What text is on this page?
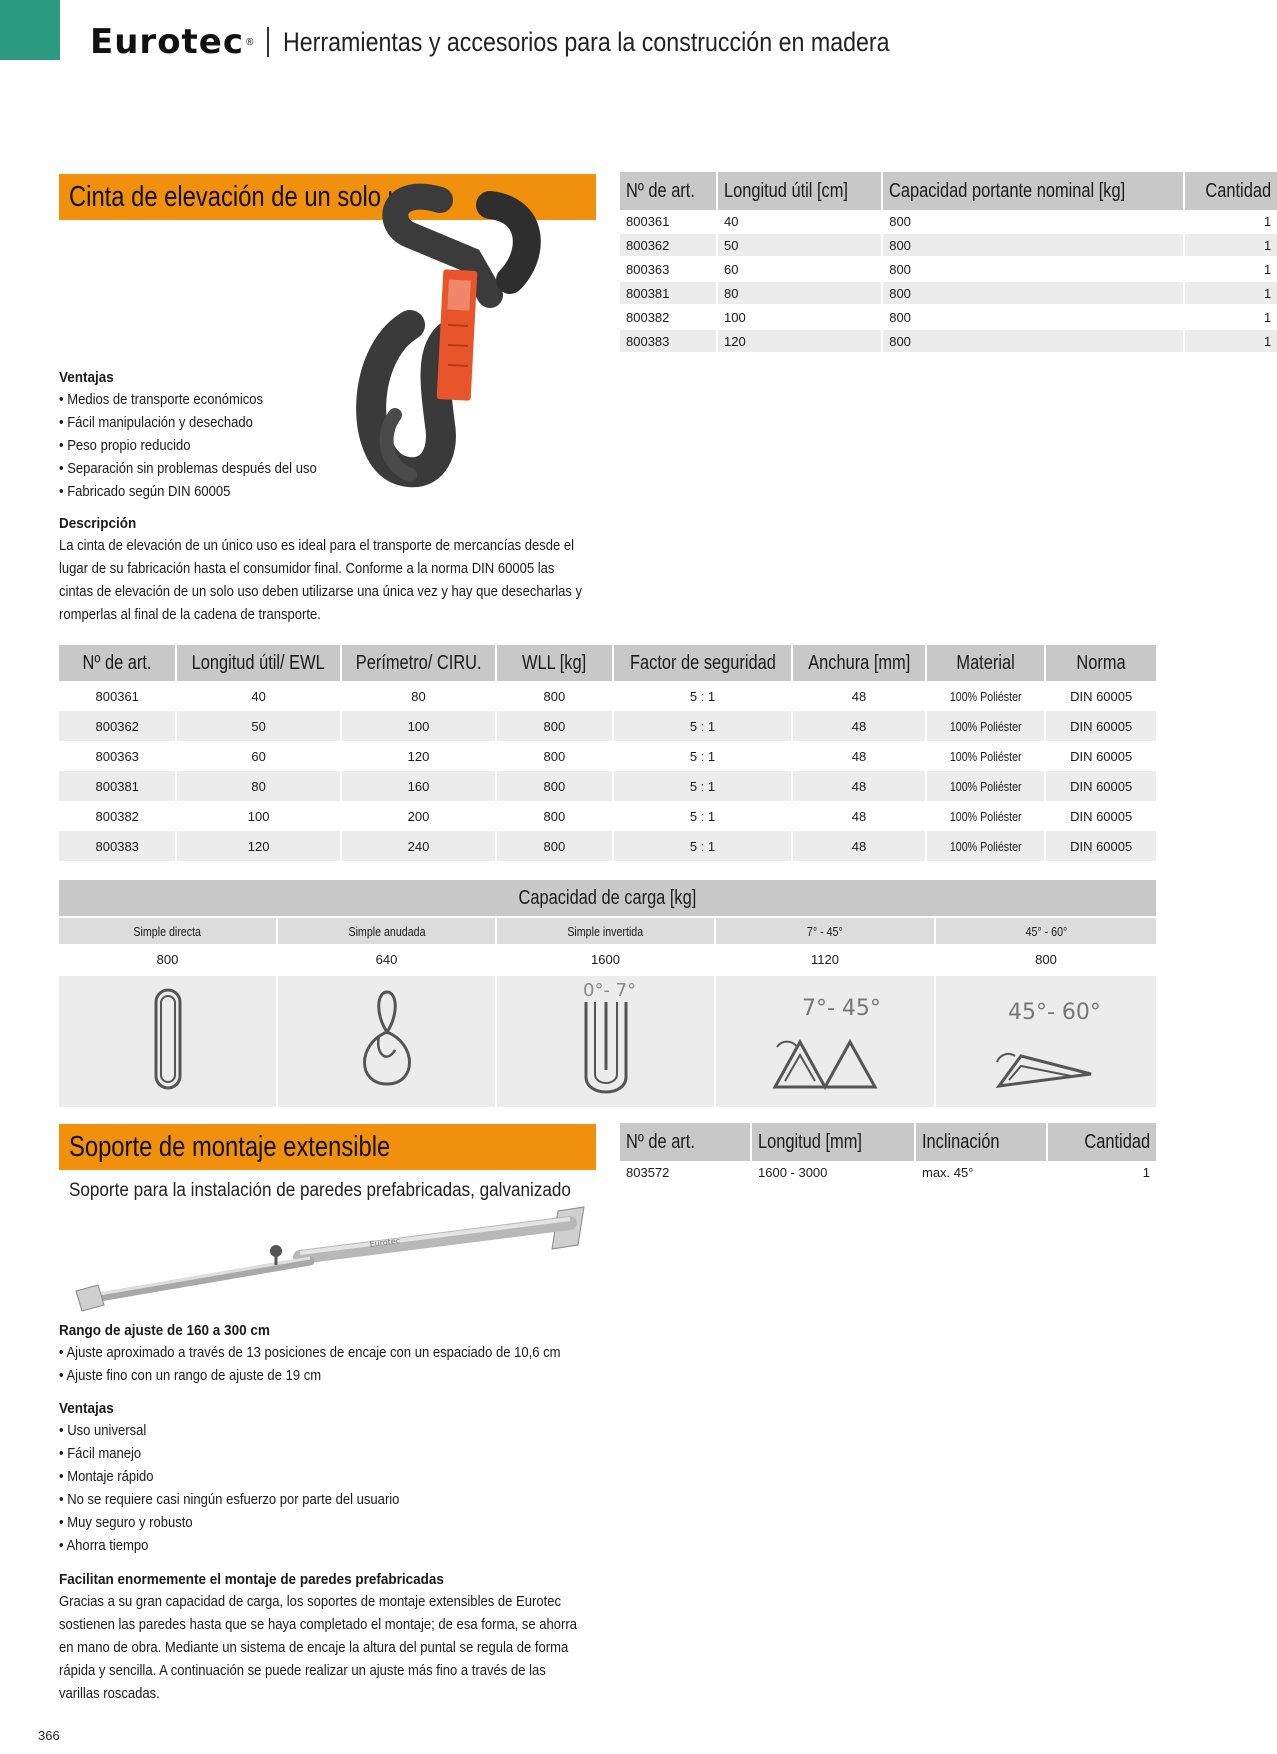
Eurotec ® Herramientas y accesorios para la construcción en madera
Cinta de elevación de un solo uso	Nº de art.	Longitud útil [cm]	Capacidad portante nominal [kg]	Cantidad
800361	40	800	1
800362	50	800	1
800363	60	800	1
800381	80	800	1
800382	100	800	1
800383	120	800	1

Ventajas

• Medios de transporte económicos

• Fácil manipulación y desechado

• Peso propio reducido

• Separación sin problemas después del uso

• Fabricado según DIN 60005

Descripción

La cinta de elevación de un único uso es ideal para el transporte de mercancías desde el

lugar de su fabricación hasta el consumidor final. Conforme a la norma DIN 60005 las

cintas de elevación de un solo uso deben utilizarse una única vez y hay que desecharlas y

romperlas al final de la cadena de transporte.

Nº de art.	Longitud útil/ EWL	Perímetro/ CIRU.	WLL [kg]	Factor de seguridad	Anchura [mm]	Material	Norma
800361	40	80	800	5 : 1	48	100% Poliéster	DIN 60005
800362	50	100	800	5 : 1	48	100% Poliéster	DIN 60005
800363	60	120	800	5 : 1	48	100% Poliéster	DIN 60005
800381	80	160	800	5 : 1	48	100% Poliéster	DIN 60005
800382	100	200	800	5 : 1	48	100% Poliéster	DIN 60005
800383	120	240	800	5 : 1	48	100% Poliéster	DIN 60005
Capacidad de carga [kg]				
Simple directa	Simple anudada	Simple invertida	7° - 45°	45° - 60°
800	640	1600	1120	800

0°- 7°	7°- 45°	45°- 60°
Soporte de montaje extensible
Soporte para la instalación de paredes prefabricadas, galvanizado
Nº de art.	Longitud [mm]	Inclinación	Cantidad
803572	1600 - 3000	max. 45°	1
Eurotec

Rango de ajuste de 160 a 300 cm

• Ajuste aproximado a través de 13 posiciones de encaje con un espaciado de 10,6 cm

• Ajuste fino con un rango de ajuste de 19 cm

Ventajas

• Uso universal

• Fácil manejo

• Montaje rápido

• No se requiere casi ningún esfuerzo por parte del usuario

• Muy seguro y robusto

• Ahorra tiempo

Facilitan enormemente el montaje de paredes prefabricadas

Gracias a su gran capacidad de carga, los soportes de montaje extensibles de Eurotec

sostienen las paredes hasta que se haya completado el montaje; de esa forma, se ahorra

en mano de obra. Mediante un sistema de encaje la altura del puntal se regula de forma

rápida y sencilla. A continuación se puede realizar un ajuste más fino a través de las

varillas roscadas.

366
